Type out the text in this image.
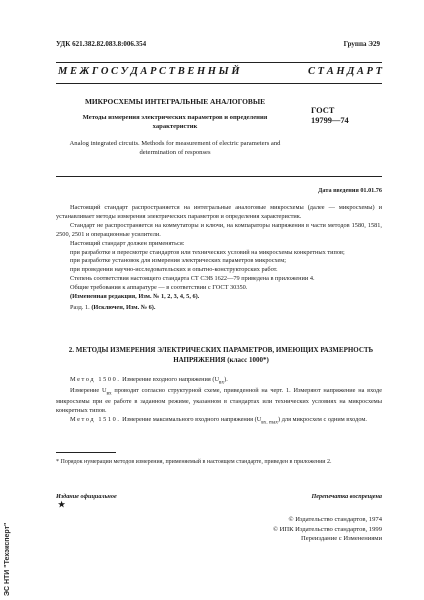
УДК 621.382.82.083.8:006.354	Группа Э29
М Е Ж Г О С У Д А Р С Т В Е Н Н Ы Й	С Т А Н Д А Р Т
МИКРОСХЕМЫ ИНТЕГРАЛЬНЫЕ АНАЛОГОВЫЕ
Методы измерения электрических параметров и определения характеристик
Analog integrated circuits. Methods for measurement of electric parameters and determination of responses
ГОСТ
19799—74
Дата введения 01.01.76

Настоящий стандарт распространяется на интегральные аналоговые микросхемы (далее — микросхемы) и устанавливает методы измерения электрических параметров и определения характеристик.

Стандарт не распространяется на коммутаторы и ключи, на компараторы напряжения в части методов 1580, 1581, 2500, 2501 и операционные усилители.

Настоящий стандарт должен применяться:

при разработке и пересмотре стандартов или технических условий на микросхемы конкретных типов;

при разработке установок для измерения электрических параметров микросхем;

при проведении научно-исследовательских и опытно-конструкторских работ.

Степень соответствия настоящего стандарта СТ СЭВ 1622—79 приведена в приложении 4.

Общие требования к аппаратуре — в соответствии с ГОСТ 30350.

(Измененная редакция, Изм. № 1, 2, 3, 4, 5, 6).

Разд. 1. (Исключен, Изм. № 6).

2. МЕТОДЫ ИЗМЕРЕНИЯ ЭЛЕКТРИЧЕСКИХ ПАРАМЕТРОВ, ИМЕЮЩИХ РАЗМЕРНОСТЬ НАПРЯЖЕНИЯ (класс 1000*)

Метод 1500. Измерение входного напряжения $(U_{вх})$.

Измерение $U_{вх}$ проводят согласно структурной схеме, приведенной на черт. 1. Измеряют напряжение на входе микросхемы при ее работе в заданном режиме, указанном в стандартах или технических условиях на микросхемы конкретных типов.

Метод 1510. Измерение максимального входного напряжения $(U_{вх. max})$ для микросхем с одним входом.

* Порядок нумерации методов измерения, применяемый в настоящем стандарте, приведен в приложении 2.
Издание официальное
★
Перепечатка воспрещена
© Издательство стандартов, 1974
© ИПК Издательство стандартов, 1999
Переиздание с Изменениями
ЭС НТИ "Техэксперт"
